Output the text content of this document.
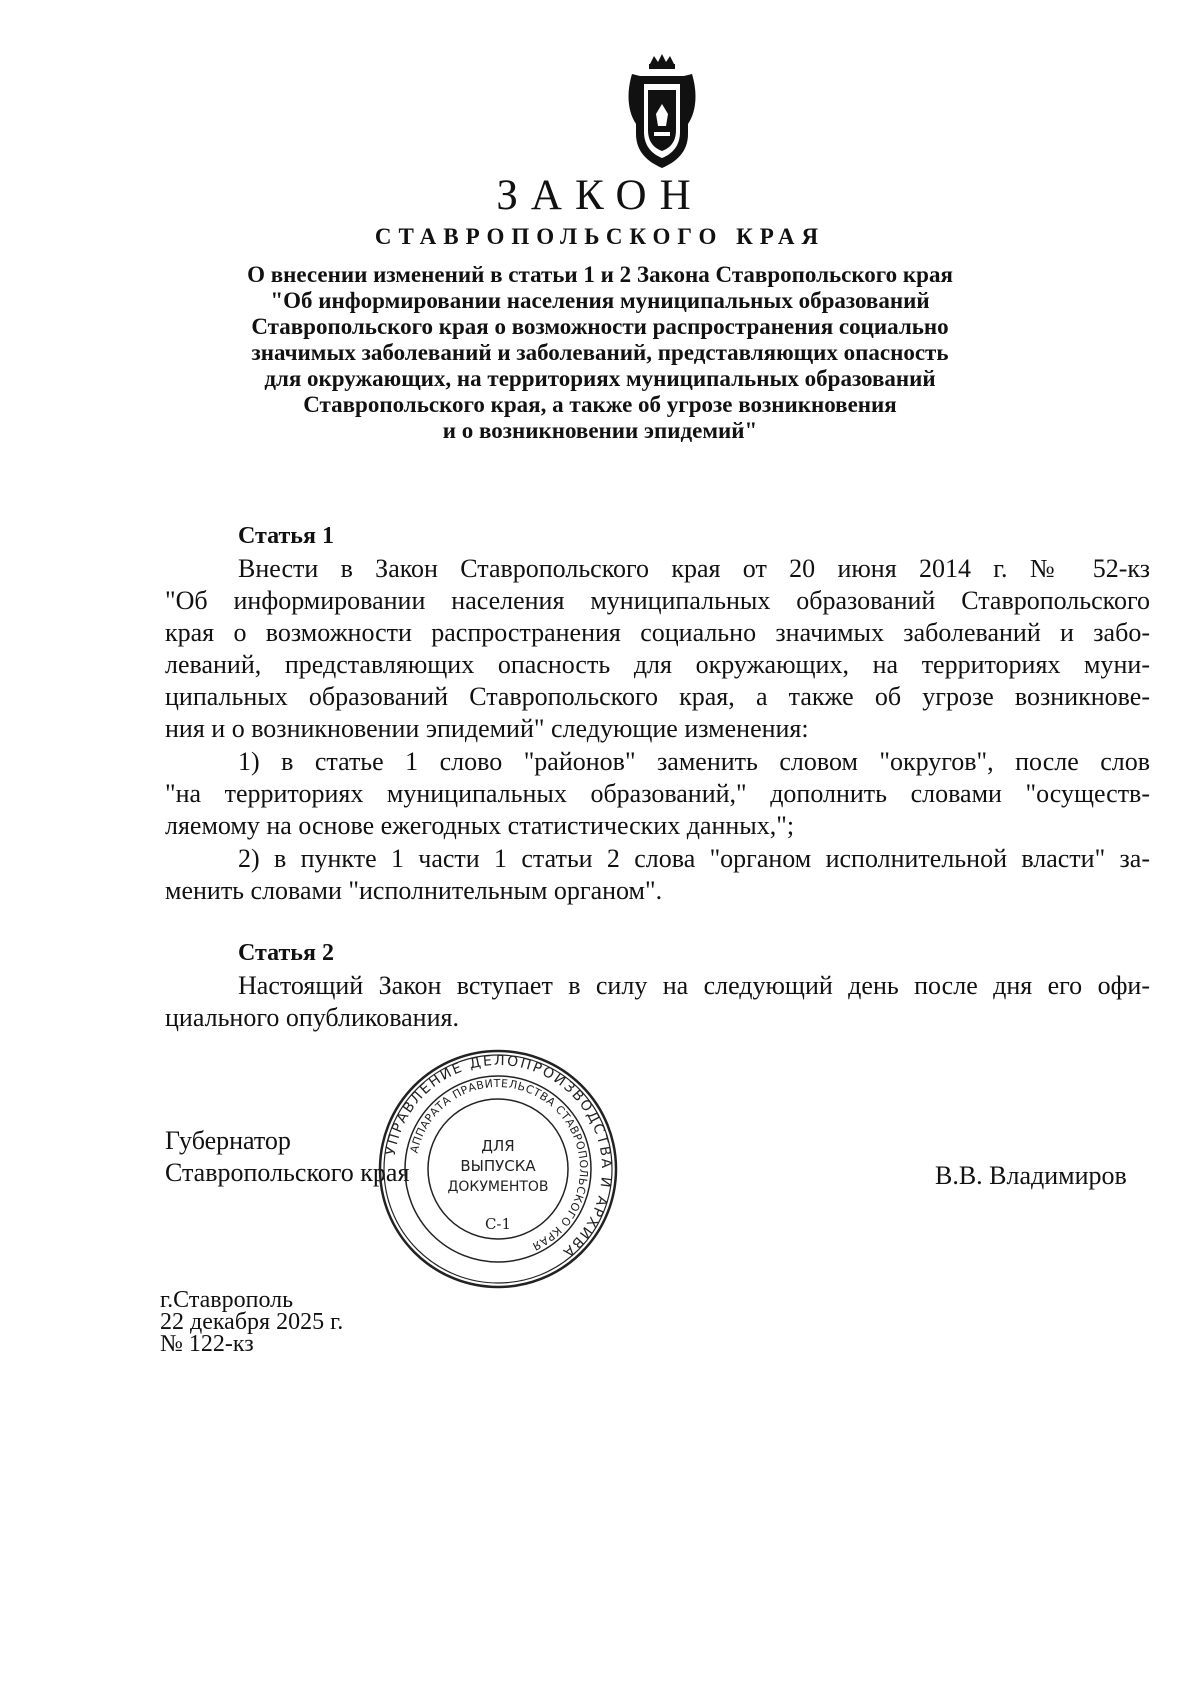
ЗАКОН
СТАВРОПОЛЬСКОГО КРАЯ
О внесении изменений в статьи 1 и 2 Закона Ставропольского края
"Об информировании населения муниципальных образований
Ставропольского края о возможности распространения социально
значимых заболеваний и заболеваний, представляющих опасность
для окружающих, на территориях муниципальных образований
Ставропольского края, а также об угрозе возникновения
и о возникновении эпидемий"
Статья 1
Внести в Закон Ставропольского края от 20 июня 2014 г. № 52-кз
"Об информировании населения муниципальных образований Ставропольского
края о возможности распространения социально значимых заболеваний и забо-
леваний, представляющих опасность для окружающих, на территориях муни-
ципальных образований Ставропольского края, а также об угрозе возникнове-
ния и о возникновении эпидемий" следующие изменения:
1) в статье 1 слово "районов" заменить словом "округов", после слов
"на территориях муниципальных образований," дополнить словами "осуществ-
ляемому на основе ежегодных статистических данных,";
2) в пункте 1 части 1 статьи 2 слова "органом исполнительной власти" за-
менить словами "исполнительным органом".
Статья 2
Настоящий Закон вступает в силу на следующий день после дня его офи-
циального опубликования.
Губернатор
Ставропольского края	В.В. Владимиров
УПРАВЛЕНИЕ ДЕЛОПРОИЗВОДСТВА И АРХИВА
АППАРАТА ПРАВИТЕЛЬСТВА СТАВРОПОЛЬСКОГО КРАЯ
ДЛЯ
ВЫПУСКА
ДОКУМЕНТОВ
С-1
г.Ставрополь
22 декабря 2025 г.
№ 122-кз
